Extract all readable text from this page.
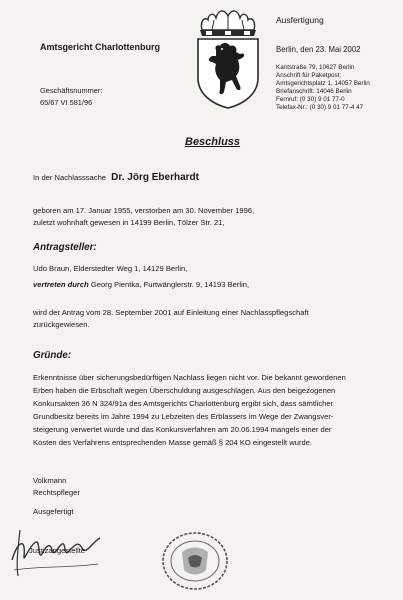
Amtsgericht Charlottenburg
Geschäftsnummer:
65/67 VI 581/96
Ausfertigung
Berlin, den 23. Mai 2002
Kantstraße 79, 10627 Berlin
Anschrift für Paketpost:
Amtsgerichtsplatz 1, 14057 Berlin
Briefanschrift: 14046 Berlin
Fernruf: (0 30) 9 01 77-0
Telefax-Nr.: (0 30) 9 01 77-4 47
Beschluss
In der Nachlasssache Dr. Jörg Eberhardt
geboren am 17. Januar 1955, verstorben am 30. November 1996,
zuletzt wohnhaft gewesen in 14199 Berlin, Tölzer Str. 21,
Antragsteller:
Udo Braun, Elderstedter Weg 1, 14129 Berlin,
vertreten durch Georg Pientka, Furtwänglerstr. 9, 14193 Berlin,
wird der Antrag vom 28. September 2001 auf Einleitung einer Nachlasspflegschaft
zurückgewiesen.
Gründe:
Erkenntnisse über sicherungsbedürftigen Nachlass liegen nicht vor. Die bekannt gewordenen
Erben haben die Erbschaft wegen Überschuldung ausgeschlagen. Aus den beigezogenen
Konkursakten 36 N 324/91a des Amtsgerichts Charlottenburg ergibt sich, dass sämtlicher
Grundbesitz bereits im Jahre 1994 zu Lebzeiten des Erblassers im Wege der Zwangsver-
steigerung verwertet wurde und das Konkursverfahren am 20.06.1994 mangels einer der
Kosten des Verfahrens entsprechenden Masse gemäß § 204 KO eingestellt wurde.
Volkmann
Rechtspfleger
Ausgefertigt
Justizangestellte
